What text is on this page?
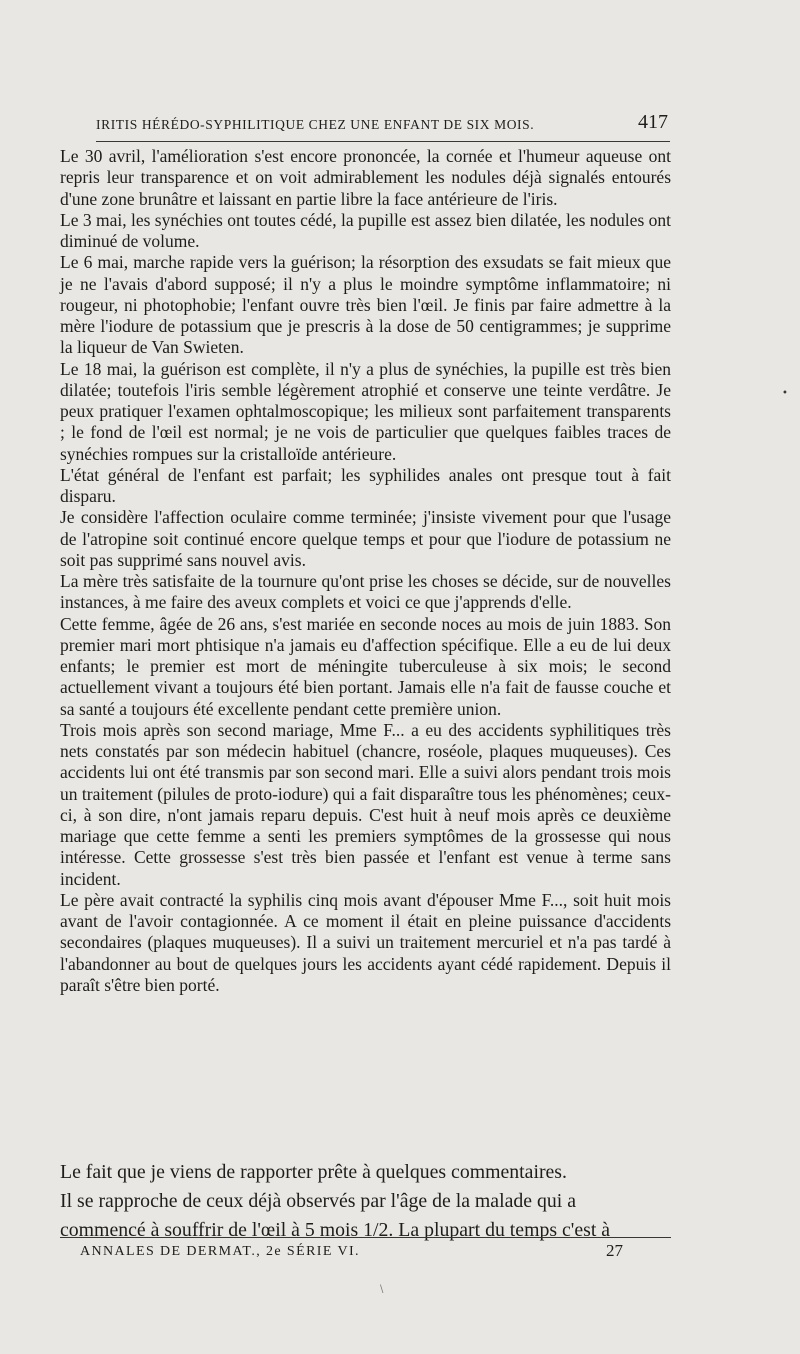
IRITIS HÉRÉDO-SYPHILITIQUE CHEZ UNE ENFANT DE SIX MOIS.	417

Le 30 avril, l'amélioration s'est encore prononcée, la cornée et l'humeur aqueuse ont repris leur transparence et on voit admirablement les nodules déjà signalés entourés d'une zone brunâtre et laissant en partie libre la face antérieure de l'iris.

Le 3 mai, les synéchies ont toutes cédé, la pupille est assez bien dilatée, les nodules ont diminué de volume.

Le 6 mai, marche rapide vers la guérison; la résorption des exsudats se fait mieux que je ne l'avais d'abord supposé; il n'y a plus le moindre symptôme inflammatoire; ni rougeur, ni photophobie; l'enfant ouvre très bien l'œil. Je finis par faire admettre à la mère l'iodure de potassium que je prescris à la dose de 50 centigrammes; je supprime la liqueur de Van Swieten.

Le 18 mai, la guérison est complète, il n'y a plus de synéchies, la pupille est très bien dilatée; toutefois l'iris semble légèrement atrophié et conserve une teinte verdâtre. Je peux pratiquer l'examen ophtalmoscopique; les milieux sont parfaitement transparents ; le fond de l'œil est normal; je ne vois de particulier que quelques faibles traces de synéchies rompues sur la cristalloïde antérieure.

L'état général de l'enfant est parfait; les syphilides anales ont presque tout à fait disparu.

Je considère l'affection oculaire comme terminée; j'insiste vivement pour que l'usage de l'atropine soit continué encore quelque temps et pour que l'iodure de potassium ne soit pas supprimé sans nouvel avis.

La mère très satisfaite de la tournure qu'ont prise les choses se décide, sur de nouvelles instances, à me faire des aveux complets et voici ce que j'apprends d'elle.

Cette femme, âgée de 26 ans, s'est mariée en seconde noces au mois de juin 1883. Son premier mari mort phtisique n'a jamais eu d'affection spécifique. Elle a eu de lui deux enfants; le premier est mort de méningite tuberculeuse à six mois; le second actuellement vivant a toujours été bien portant. Jamais elle n'a fait de fausse couche et sa santé a toujours été excellente pendant cette première union.

Trois mois après son second mariage, Mme F... a eu des accidents syphilitiques très nets constatés par son médecin habituel (chancre, roséole, plaques muqueuses). Ces accidents lui ont été transmis par son second mari. Elle a suivi alors pendant trois mois un traitement (pilules de proto-iodure) qui a fait disparaître tous les phénomènes; ceux-ci, à son dire, n'ont jamais reparu depuis. C'est huit à neuf mois après ce deuxième mariage que cette femme a senti les premiers symptômes de la grossesse qui nous intéresse. Cette grossesse s'est très bien passée et l'enfant est venue à terme sans incident.

Le père avait contracté la syphilis cinq mois avant d'épouser Mme F..., soit huit mois avant de l'avoir contagionnée. A ce moment il était en pleine puissance d'accidents secondaires (plaques muqueuses). Il a suivi un traitement mercuriel et n'a pas tardé à l'abandonner au bout de quelques jours les accidents ayant cédé rapidement. Depuis il paraît s'être bien porté.

Le fait que je viens de rapporter prête à quelques commentaires.

Il se rapproche de ceux déjà observés par l'âge de la malade qui a

commencé à souffrir de l'œil à 5 mois 1/2. La plupart du temps c'est à

ANNALES DE DERMAT., 2e SÉRIE VI.	27
•
\
